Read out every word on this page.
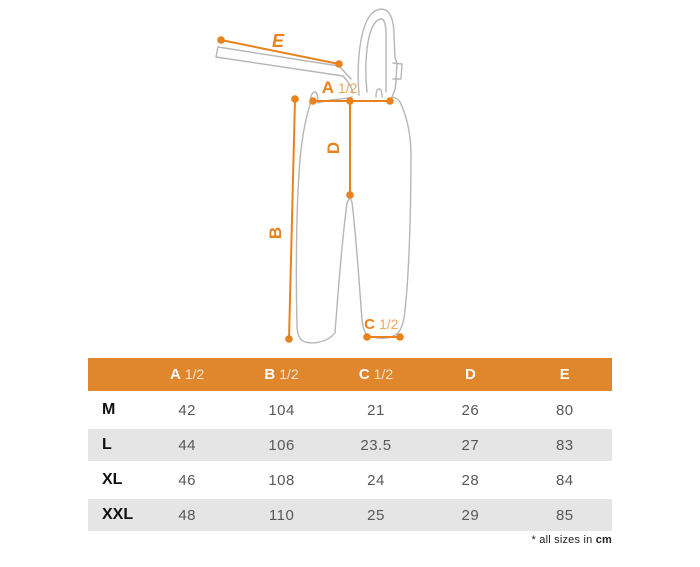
E
A 1/2
D
B
C 1/2
	A 1/2	B 1/2	C 1/2	D	E
M	42	104	21	26	80
L	44	106	23.5	27	83
XL	46	108	24	28	84
XXL	48	110	25	29	85
* all sizes in cm
